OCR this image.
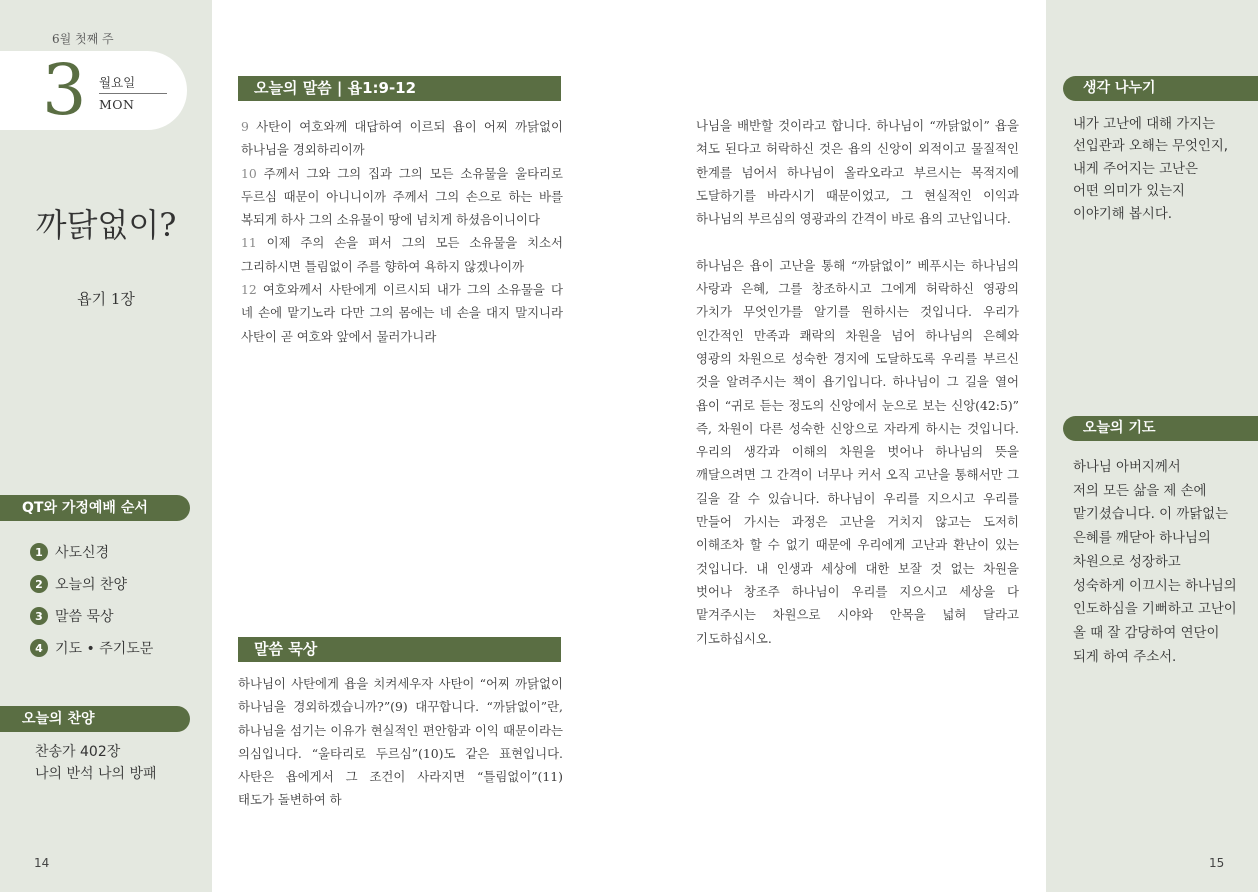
6월 첫째 주
3 월요일
MON
까닭없이?
욥기 1장
QT와 가정예배 순서
1 사도신경
2 오늘의 찬양
3 말씀 묵상
4 기도 • 주기도문
오늘의 찬양
찬송가 402장
나의 반석 나의 방패
14
오늘의 말씀 | 욥1:9-12
9 사탄이 여호와께 대답하여 이르되 욥이 어찌 까닭없이 하나님을 경외하리이까
10 주께서 그와 그의 집과 그의 모든 소유물을 울타리로 두르심 때문이 아니니이까 주께서 그의 손으로 하는 바를 복되게 하사 그의 소유물이 땅에 넘치게 하셨음이니이다
11 이제 주의 손을 펴서 그의 모든 소유물을 치소서 그리하시면 틀림없이 주를 향하여 욕하지 않겠나이까
12 여호와께서 사탄에게 이르시되 내가 그의 소유물을 다 네 손에 맡기노라 다만 그의 몸에는 네 손을 대지 말지니라 사탄이 곧 여호와 앞에서 물러가니라
말씀 묵상
하나님이 사탄에게 욥을 치켜세우자 사탄이 “어찌 까닭없이 하나님을 경외하겠습니까?”(9) 대꾸합니다. “까닭없이”란, 하나님을 섬기는 이유가 현실적인 편안함과 이익 때문이라는 의심입니다. “울타리로 두르심”(10)도 같은 표현입니다. 사탄은 욥에게서 그 조건이 사라지면 “틀림없이”(11) 태도가 돌변하여 하

나님을 배반할 것이라고 합니다. 하나님이 “까닭없이” 욥을 쳐도 된다고 허락하신 것은 욥의 신앙이 외적이고 물질적인 한계를 넘어서 하나님이 올라오라고 부르시는 목적지에 도달하기를 바라시기 때문이었고, 그 현실적인 이익과 하나님의 부르심의 영광과의 간격이 바로 욥의 고난입니다.

하나님은 욥이 고난을 통해 “까닭없이” 베푸시는 하나님의 사랑과 은혜, 그를 창조하시고 그에게 허락하신 영광의 가치가 무엇인가를 알기를 원하시는 것입니다. 우리가 인간적인 만족과 쾌락의 차원을 넘어 하나님의 은혜와 영광의 차원으로 성숙한 경지에 도달하도록 우리를 부르신 것을 알려주시는 책이 욥기입니다. 하나님이 그 길을 열어 욥이 “귀로 듣는 정도의 신앙에서 눈으로 보는 신앙(42:5)” 즉, 차원이 다른 성숙한 신앙으로 자라게 하시는 것입니다. 우리의 생각과 이해의 차원을 벗어나 하나님의 뜻을 깨달으려면 그 간격이 너무나 커서 오직 고난을 통해서만 그 길을 갈 수 있습니다. 하나님이 우리를 지으시고 우리를 만들어 가시는 과정은 고난을 거치지 않고는 도저히 이해조차 할 수 없기 때문에 우리에게 고난과 환난이 있는 것입니다. 내 인생과 세상에 대한 보잘 것 없는 차원을 벗어나 창조주 하나님이 우리를 지으시고 세상을 다 맡겨주시는 차원으로 시야와 안목을 넓혀 달라고 기도하십시오.

생각 나누기
내가 고난에 대해 가지는
선입관과 오해는 무엇인지,
내게 주어지는 고난은
어떤 의미가 있는지
이야기해 봅시다.
오늘의 기도
하나님 아버지께서
저의 모든 삶을 제 손에
맡기셨습니다. 이 까닭없는
은혜를 깨닫아 하나님의
차원으로 성장하고
성숙하게 이끄시는 하나님의
인도하심을 기뻐하고 고난이
올 때 잘 감당하여 연단이
되게 하여 주소서.
15
